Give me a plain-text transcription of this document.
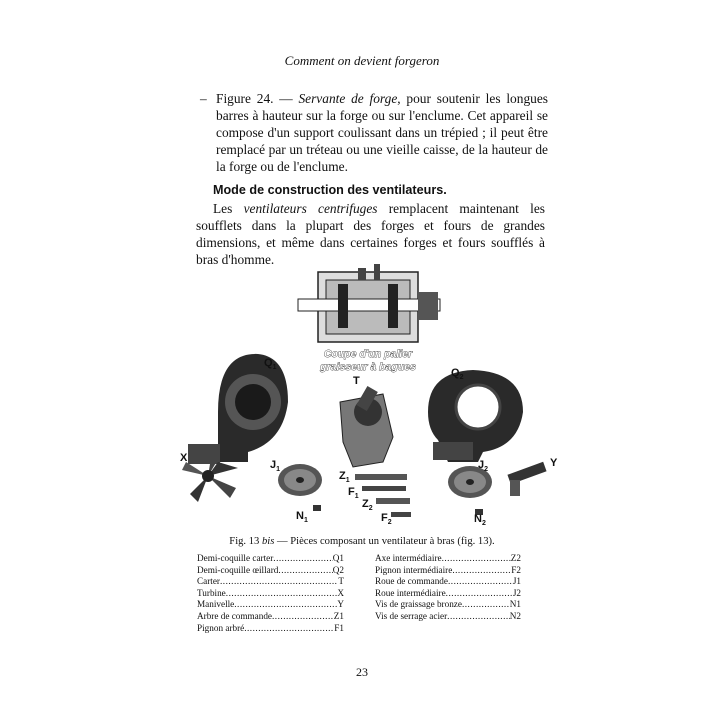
Comment on devient forgeron
– Figure 24. — Servante de forge, pour soutenir les longues barres à hauteur sur la forge ou sur l'enclume. Cet appareil se compose d'un support coulissant dans un trépied ; il peut être remplacé par un tréteau ou une vieille caisse, de la hauteur de la forge ou de l'enclume.
Mode de construction des ventilateurs.
Les ventilateurs centrifuges remplacent maintenant les soufflets dans la plupart des forges et fours de grandes dimensions, et même dans certaines forges et fours soufflés à bras d'homme.
Coupe d'un palier
graisseur à bagues
$Q_1$
T
$Q_2$
X
$J_1$
$Z_1$
$F_1$
$Z_2$
$F_2$
$N_1$
$J_2$
Y
$N_2$
Fig. 13 bis — Pièces composant un ventilateur à bras (fig. 13).
Demi-coquille carter .....	Q1
Demi-coquille œillard .....	Q2
Carter .....	T
Turbine .....	X
Manivelle .....	Y
Arbre de commande .....	Z1
Pignon arbré .....	F1
Axe intermédiaire .....	Z2
Pignon intermédiaire .....	F2
Roue de commande .....	J1
Roue intermédiaire .....	J2
Vis de graissage bronze .....	N1
Vis de serrage acier .....	N2
23
